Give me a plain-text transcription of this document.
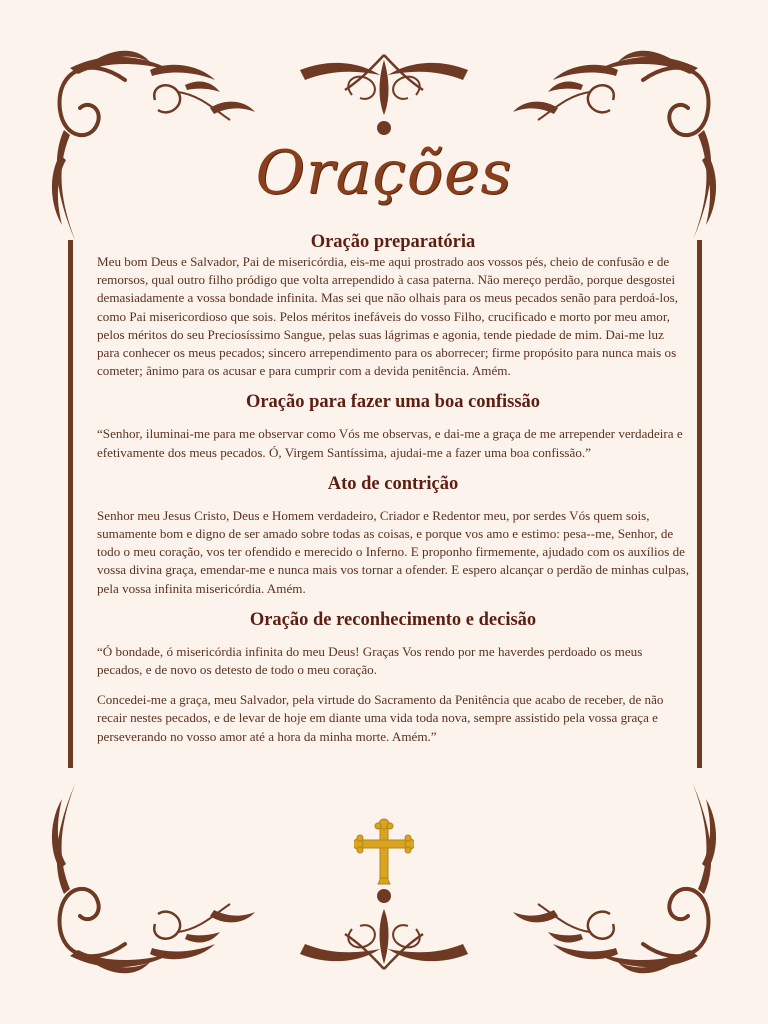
Orações
Oração preparatória

Meu bom Deus e Salvador, Pai de misericórdia, eis-me aqui prostrado aos vossos pés, cheio de confusão e de remorsos, qual outro filho pródigo que volta arrependido à casa paterna. Não mereço perdão, porque desgostei demasiadamente a vossa bondade infinita. Mas sei que não olhais para os meus pecados senão para perdoá-los, como Pai misericordioso que sois. Pelos méritos inefáveis do vosso Filho, crucificado e morto por meu amor, pelos méritos do seu Preciosíssimo Sangue, pelas suas lágrimas e agonia, tende piedade de mim. Dai-me luz para conhecer os meus pecados; sincero arrependimento para os aborrecer; firme propósito para nunca mais os cometer; ânimo para os acusar e para cumprir com a devida penitência. Amém.

Oração para fazer uma boa confissão

“Senhor, iluminai-me para me observar como Vós me observas, e dai-me a graça de me arrepender verdadeira e efetivamente dos meus pecados. Ó, Virgem Santíssima, ajudai-me a fazer uma boa confissão.”

Ato de contrição

Senhor meu Jesus Cristo, Deus e Homem verdadeiro, Criador e Redentor meu, por serdes Vós quem sois, sumamente bom e digno de ser amado sobre todas as coisas, e porque vos amo e estimo: pesa--me, Senhor, de todo o meu coração, vos ter ofendido e merecido o Inferno. E proponho firmemente, ajudado com os auxílios de vossa divina graça, emendar-me e nunca mais vos tornar a ofender. E espero alcançar o perdão de minhas culpas, pela vossa infinita misericórdia. Amém.

Oração de reconhecimento e decisão

“Ó bondade, ó misericórdia infinita do meu Deus! Graças Vos rendo por me haverdes perdoado os meus pecados, e de novo os detesto de todo o meu coração.

Concedei-me a graça, meu Salvador, pela virtude do Sacramento da Penitência que acabo de receber, de não recair nestes pecados, e de levar de hoje em diante uma vida toda nova, sempre assistido pela vossa graça e perseverando no vosso amor até a hora da minha morte. Amém.”
